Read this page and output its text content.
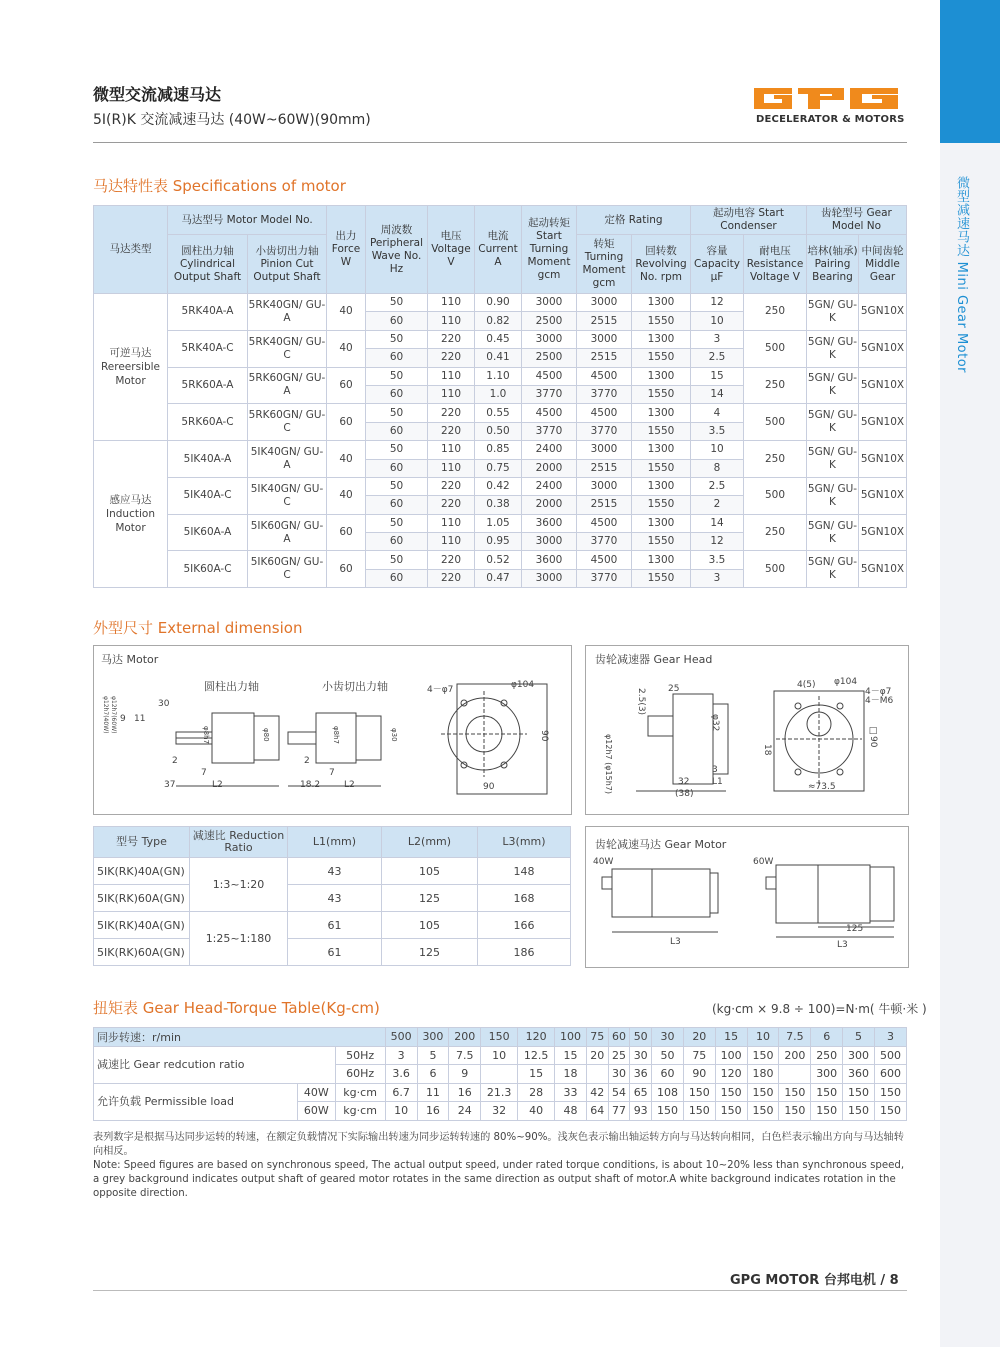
微型减速马达 Mini Gear Motor
微型交流减速马达
5I(R)K 交流减速马达 (40W~60W)(90mm)	DECELERATOR & MOTORS
马达特性表 Specifications of motor
马达类型	马达型号 Motor Model No.		出力 Force W	周波数 Peripheral Wave No. Hz	电压 Voltage V	电流 Current A	起动转矩 Start Turning Moment gcm	定格 Rating		起动电容 Start Condenser		齿轮型号 Gear Model No	
	圆柱出力轴 Cylindrical Output Shaft	小齿切出力轴 Pinion Cut Output Shaft						转矩 Turning Moment gcm	回转数 Revolving No. rpm	容量 Capacity μF	耐电压 Resistance Voltage V	培林(轴承) Pairing Bearing	中间齿轮 Middle Gear
可逆马达 Rereersible Motor	5RK40A-A	5RK40GN/ GU-A	40	50	110	0.90	3000	3000	1300	12	250	5GN/ GU-K	5GN10X
				60	110	0.82	2500	2515	1550	10			
	5RK40A-C	5RK40GN/ GU-C	40	50	220	0.45	3000	3000	1300	3	500	5GN/ GU-K	5GN10X
				60	220	0.41	2500	2515	1550	2.5			
	5RK60A-A	5RK60GN/ GU-A	60	50	110	1.10	4500	4500	1300	15	250	5GN/ GU-K	5GN10X
				60	110	1.0	3770	3770	1550	14			
	5RK60A-C	5RK60GN/ GU-C	60	50	220	0.55	4500	4500	1300	4	500	5GN/ GU-K	5GN10X
				60	220	0.50	3770	3770	1550	3.5			
感应马达 Induction Motor	5IK40A-A	5IK40GN/ GU-A	40	50	110	0.85	2400	3000	1300	10	250	5GN/ GU-K	5GN10X
				60	110	0.75	2000	2515	1550	8			
	5IK40A-C	5IK40GN/ GU-C	40	50	220	0.42	2400	3000	1300	2.5	500	5GN/ GU-K	5GN10X
				60	220	0.38	2000	2515	1550	2			
	5IK60A-A	5IK60GN/ GU-A	60	50	110	1.05	3600	4500	1300	14	250	5GN/ GU-K	5GN10X
				60	110	0.95	3000	3770	1550	12			
	5IK60A-C	5IK60GN/ GU-C	60	50	220	0.52	3600	4500	1300	3.5	500	5GN/ GU-K	5GN10X
				60	220	0.47	3000	3770	1550	3			
外型尺寸 External dimension
马达 Motor
圆柱出力轴	小齿切出力轴
30
9 11
37	L2
2
7
18.2	L2
2
7
4－φ7	φ104
90
90
φ8h7	φ80	φ8h7	φ30
φ12h7(40W) φ12h7(60W)
齿轮减速器 Gear Head
25
2.5(3)
φ32
φ12h7 (φ15h7)	32
(38)
3
L1
18
4(5) φ104
4－φ7
4－M6
□90
≈73.5
型号 Type	减速比 Reduction Ratio	L1(mm)	L2(mm)	L3(mm)
5IK(RK)40A(GN)	1:3~1:20	43	105	148
5IK(RK)60A(GN)		43	125	168
5IK(RK)40A(GN)	1:25~1:180	61	105	166
5IK(RK)60A(GN)		61	125	186
齿轮减速马达 Gear Motor
40W	60W
L3	L3
125
扭矩表 Gear Head-Torque Table(Kg-cm)	(kg·cm × 9.8 ÷ 100)=N·m( 牛顿·米 )
同步转速：r/min			500	300	200	150	120	100	75	60	50	30	20	15	10	7.5	6	5	3
减速比 Gear redcution ratio		50Hz	3	5	7.5	10	12.5	15	20	25	30	50	75	100	150	200	250	300	500
		60Hz	3.6	6	9		15	18		30	36	60	90	120	180		300	360	600
允许负载 Permissible load	40W	kg·cm	6.7	11	16	21.3	28	33	42	54	65	108	150	150	150	150	150	150	150
	60W	kg·cm	10	16	24	32	40	48	64	77	93	150	150	150	150	150	150	150	150
表列数字是根据马达同步运转的转速，在额定负载情况下实际输出转速为同步运转转速的 80%~90%。浅灰色表示输出轴运转方向与马达转向相同，白色栏表示输出方向与马达轴转向相反。
Note: Speed figures are based on synchronous speed, The actual output speed, under rated torque conditions, is about 10~20% less than synchronous speed, a grey background indicates output shaft of geared motor rotates in the same direction as output shaft of motor.A white background indicates rotation in the opposite direction.
GPG MOTOR 台邦电机 / 8
